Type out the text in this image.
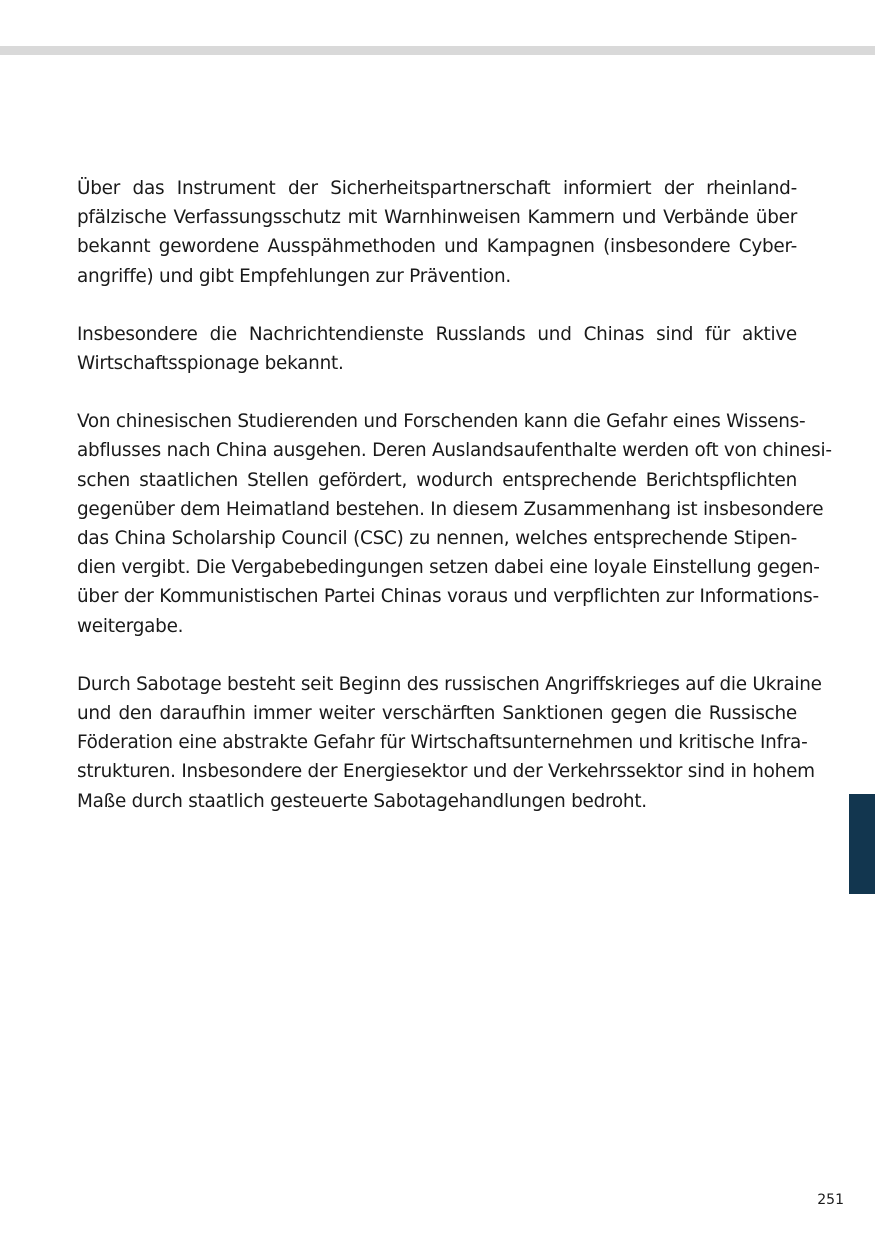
Über das Instrument der Sicherheitspartnerschaft informiert der rheinland-
pfälzische Verfassungsschutz mit Warnhinweisen Kammern und Verbände über
bekannt gewordene Ausspähmethoden und Kampagnen (insbesondere Cyber-
angriffe) und gibt Empfehlungen zur Prävention.

Insbesondere die Nachrichtendienste Russlands und Chinas sind für aktive
Wirtschaftsspionage bekannt.

Von chinesischen Studierenden und Forschenden kann die Gefahr eines Wissens-
abflusses nach China ausgehen. Deren Auslandsaufenthalte werden oft von chinesi-
schen staatlichen Stellen gefördert, wodurch entsprechende Berichtspflichten
gegenüber dem Heimatland bestehen. In diesem Zusammenhang ist insbesondere
das China Scholarship Council (CSC) zu nennen, welches entsprechende Stipen-
dien vergibt. Die Vergabebedingungen setzen dabei eine loyale Einstellung gegen-
über der Kommunistischen Partei Chinas voraus und verpflichten zur Informations-
weitergabe.

Durch Sabotage besteht seit Beginn des russischen Angriffskrieges auf die Ukraine
und den daraufhin immer weiter verschärften Sanktionen gegen die Russische
Föderation eine abstrakte Gefahr für Wirtschaftsunternehmen und kritische Infra-
strukturen. Insbesondere der Energiesektor und der Verkehrssektor sind in hohem
Maße durch staatlich gesteuerte Sabotagehandlungen bedroht.

251
